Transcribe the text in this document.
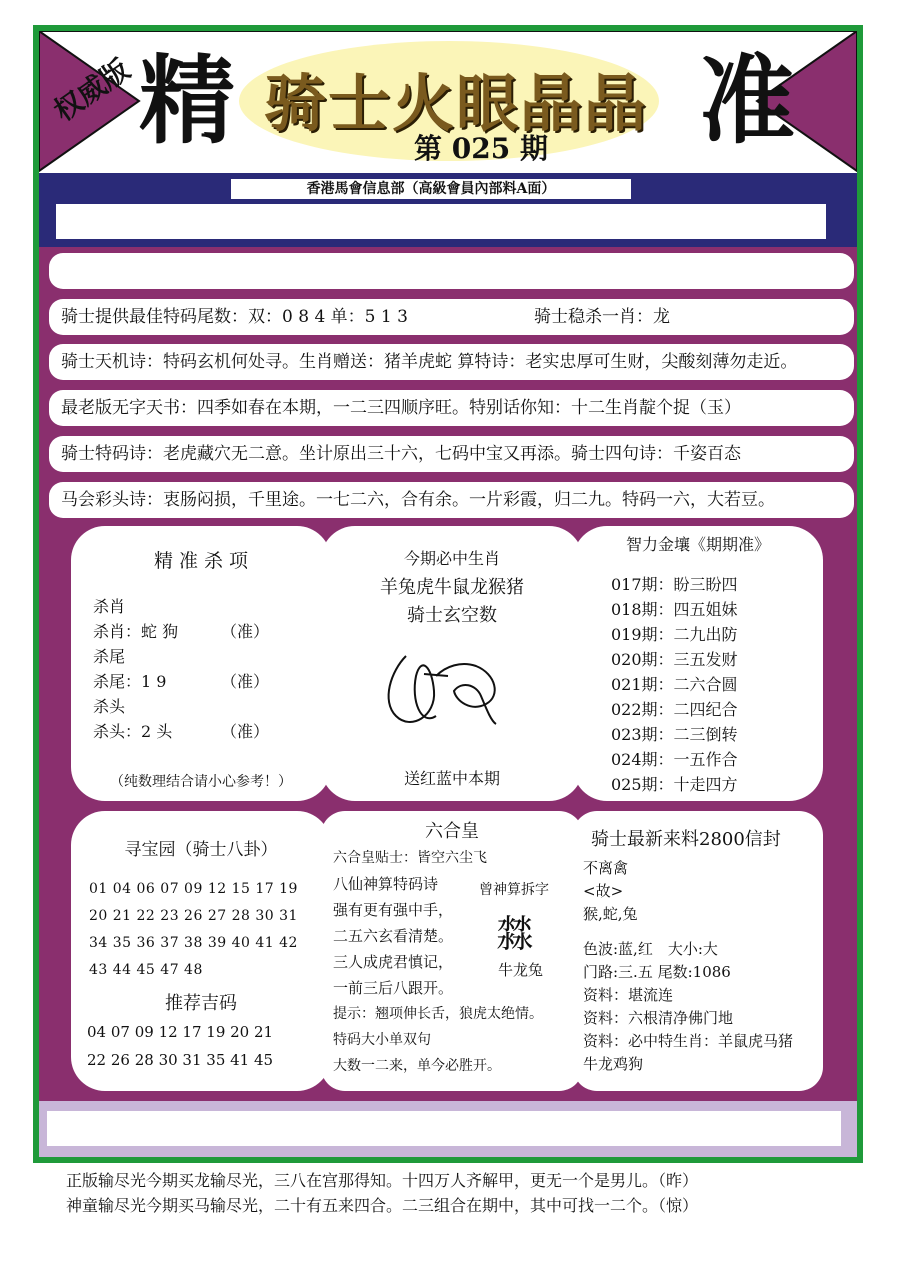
权威版 精	准
骑士火眼晶晶
第 025 期
香港馬會信息部（高級會員內部料A面）
骑士提供最佳特码尾数：双：0 8 4 单：5 1 3	骑士稳杀一肖：龙
骑士天机诗：特码玄机何处寻。生肖赠送：猪羊虎蛇 算特诗：老实忠厚可生财，尖酸刻薄勿走近。
最老版无字天书：四季如春在本期，一二三四顺序旺。特别话你知：十二生肖靛个捉（玉）
骑士特码诗：老虎藏穴无二意。坐计原出三十六，七码中宝又再添。骑士四句诗：千姿百态
马会彩头诗：衷肠闷损，千里途。一七二六，合有余。一片彩霞，归二九。特码一六，大若豆。
精 准 杀 项
杀肖
杀肖：蛇 狗	（准）
杀尾
杀尾：1 9	（准）
杀头
杀头：2 头	（准）
（纯数理结合请小心参考！）
今期必中生肖
羊兔虎牛鼠龙猴猪
骑士玄空数
送红蓝中本期
智力金壤《期期准》
017期：盼三盼四
018期：四五姐妹
019期：二九出防
020期：三五发财
021期：二六合圆
022期：二四纪合
023期：二三倒转
024期：一五作合
025期：十走四方
寻宝园（骑士八卦）
01 04 06 07 09 12 15 17 19
20 21 22 23 26 27 28 30 31
34 35 36 37 38 39 40 41 42
43 44 45 47 48
推荐吉码
04 07 09 12 17 19 20 21
22 26 28 30 31 35 41 45
六合皇
六合皇贴士：皆空六尘飞
八仙神算特码诗
强有更有强中手，
二五六玄看清楚。
三人成虎君慎记，
一前三后八跟开。
提示：翘项伸长舌，狼虎太绝情。
特码大小单双句
大数一二来，单今必胜开。
曾神算拆字
㵘
牛龙兔
骑士最新来料2800信封
不离禽
<故>
猴,蛇,兔
色波:蓝,红　大小:大
门路:三.五 尾数:1086
资料：堪流连
资料：六根清净佛门地
资料：必中特生肖：羊鼠虎马猪
牛龙鸡狗
正版输尽光今期买龙输尽光，三八在宫那得知。十四万人齐解甲，更无一个是男儿。（昨）
神童输尽光今期买马输尽光，二十有五来四合。二三组合在期中，其中可找一二个。（惊）
